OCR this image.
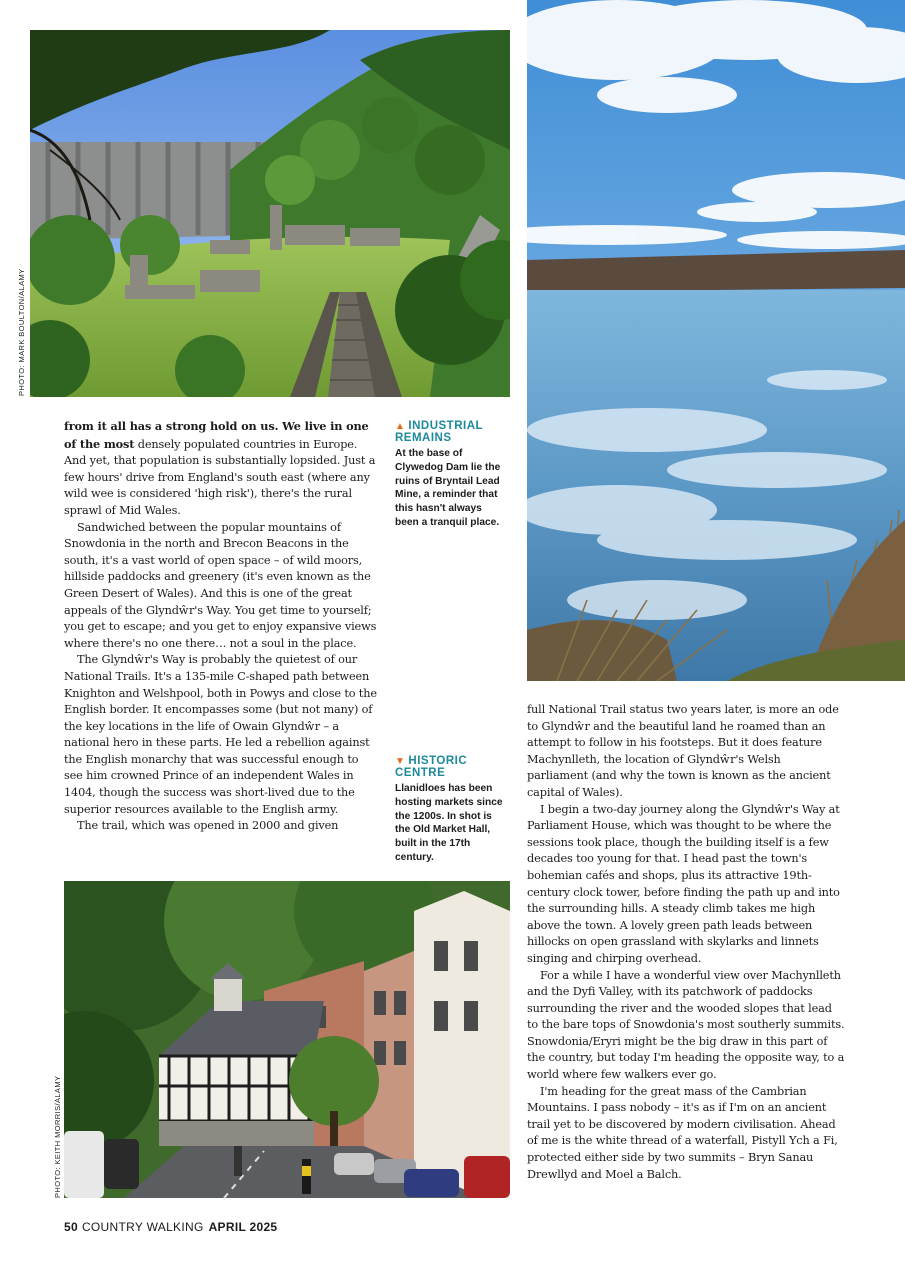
PHOTO: MARK BOULTON/ALAMY
PHOTO: KEITH MORRIS/ALAMY

from it all has a strong hold on us. We live in one of the most densely populated countries in Europe. And yet, that population is substantially lopsided. Just a few hours' drive from England's south east (where any wild wee is considered 'high risk'), there's the rural sprawl of Mid Wales.

Sandwiched between the popular mountains of Snowdonia in the north and Brecon Beacons in the south, it's a vast world of open space – of wild moors, hillside paddocks and greenery (it's even known as the Green Desert of Wales). And this is one of the great appeals of the Glyndŵr's Way. You get time to yourself; you get to escape; and you get to enjoy expansive views where there's no one there… not a soul in the place.

The Glyndŵr's Way is probably the quietest of our National Trails. It's a 135-mile C-shaped path between Knighton and Welshpool, both in Powys and close to the English border. It encompasses some (but not many) of the key locations in the life of Owain Glyndŵr – a national hero in these parts. He led a rebellion against the English monarchy that was successful enough to see him crowned Prince of an independent Wales in 1404, though the success was short-lived due to the superior resources available to the English army.

The trail, which was opened in 2000 and given

▲ INDUSTRIAL REMAINS
At the base of Clywedog Dam lie the ruins of Bryntail Lead Mine, a reminder that this hasn't always been a tranquil place.
▼ HISTORIC CENTRE
Llanidloes has been hosting markets since the 1200s. In shot is the Old Market Hall, built in the 17th century.

full National Trail status two years later, is more an ode to Glyndŵr and the beautiful land he roamed than an attempt to follow in his footsteps. But it does feature Machynlleth, the location of Glyndŵr's Welsh parliament (and why the town is known as the ancient capital of Wales).

I begin a two-day journey along the Glyndŵr's Way at Parliament House, which was thought to be where the sessions took place, though the building itself is a few decades too young for that. I head past the town's bohemian cafés and shops, plus its attractive 19th-century clock tower, before finding the path up and into the surrounding hills. A steady climb takes me high above the town. A lovely green path leads between hillocks on open grassland with skylarks and linnets singing and chirping overhead.

For a while I have a wonderful view over Machynlleth and the Dyfi Valley, with its patchwork of paddocks surrounding the river and the wooded slopes that lead to the bare tops of Snowdonia's most southerly summits. Snowdonia/Eryri might be the big draw in this part of the country, but today I'm heading the opposite way, to a world where few walkers ever go.

I'm heading for the great mass of the Cambrian Mountains. I pass nobody – it's as if I'm on an ancient trail yet to be discovered by modern civilisation. Ahead of me is the white thread of a waterfall, Pistyll Ych a Fi, protected either side by two summits – Bryn Sanau Drewllyd and Moel a Balch.

50 COUNTRY WALKING APRIL 2025
